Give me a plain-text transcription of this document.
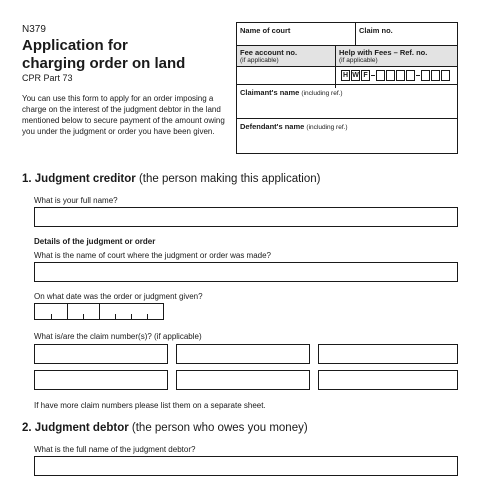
N379
Application for
charging order on land
CPR Part 73
You can use this form to apply for an order imposing a charge on the interest of the judgment debtor in the land mentioned below to secure payment of the amount owing you under the judgment or order you have been given.
Name of court	Claim no.
Fee account no.
(if applicable)
Help with Fees – Ref. no.
(if applicable)
H W F
Claimant's name (including ref.)
Defendant's name (including ref.)
1. Judgment creditor (the person making this application)
What is your full name?
Details of the judgment or order
What is the name of court where the judgment or order was made?
On what date was the order or judgment given?
What is/are the claim number(s)? (if applicable)
If have more claim numbers please list them on a separate sheet.
2. Judgment debtor (the person who owes you money)
What is the full name of the judgment debtor?
